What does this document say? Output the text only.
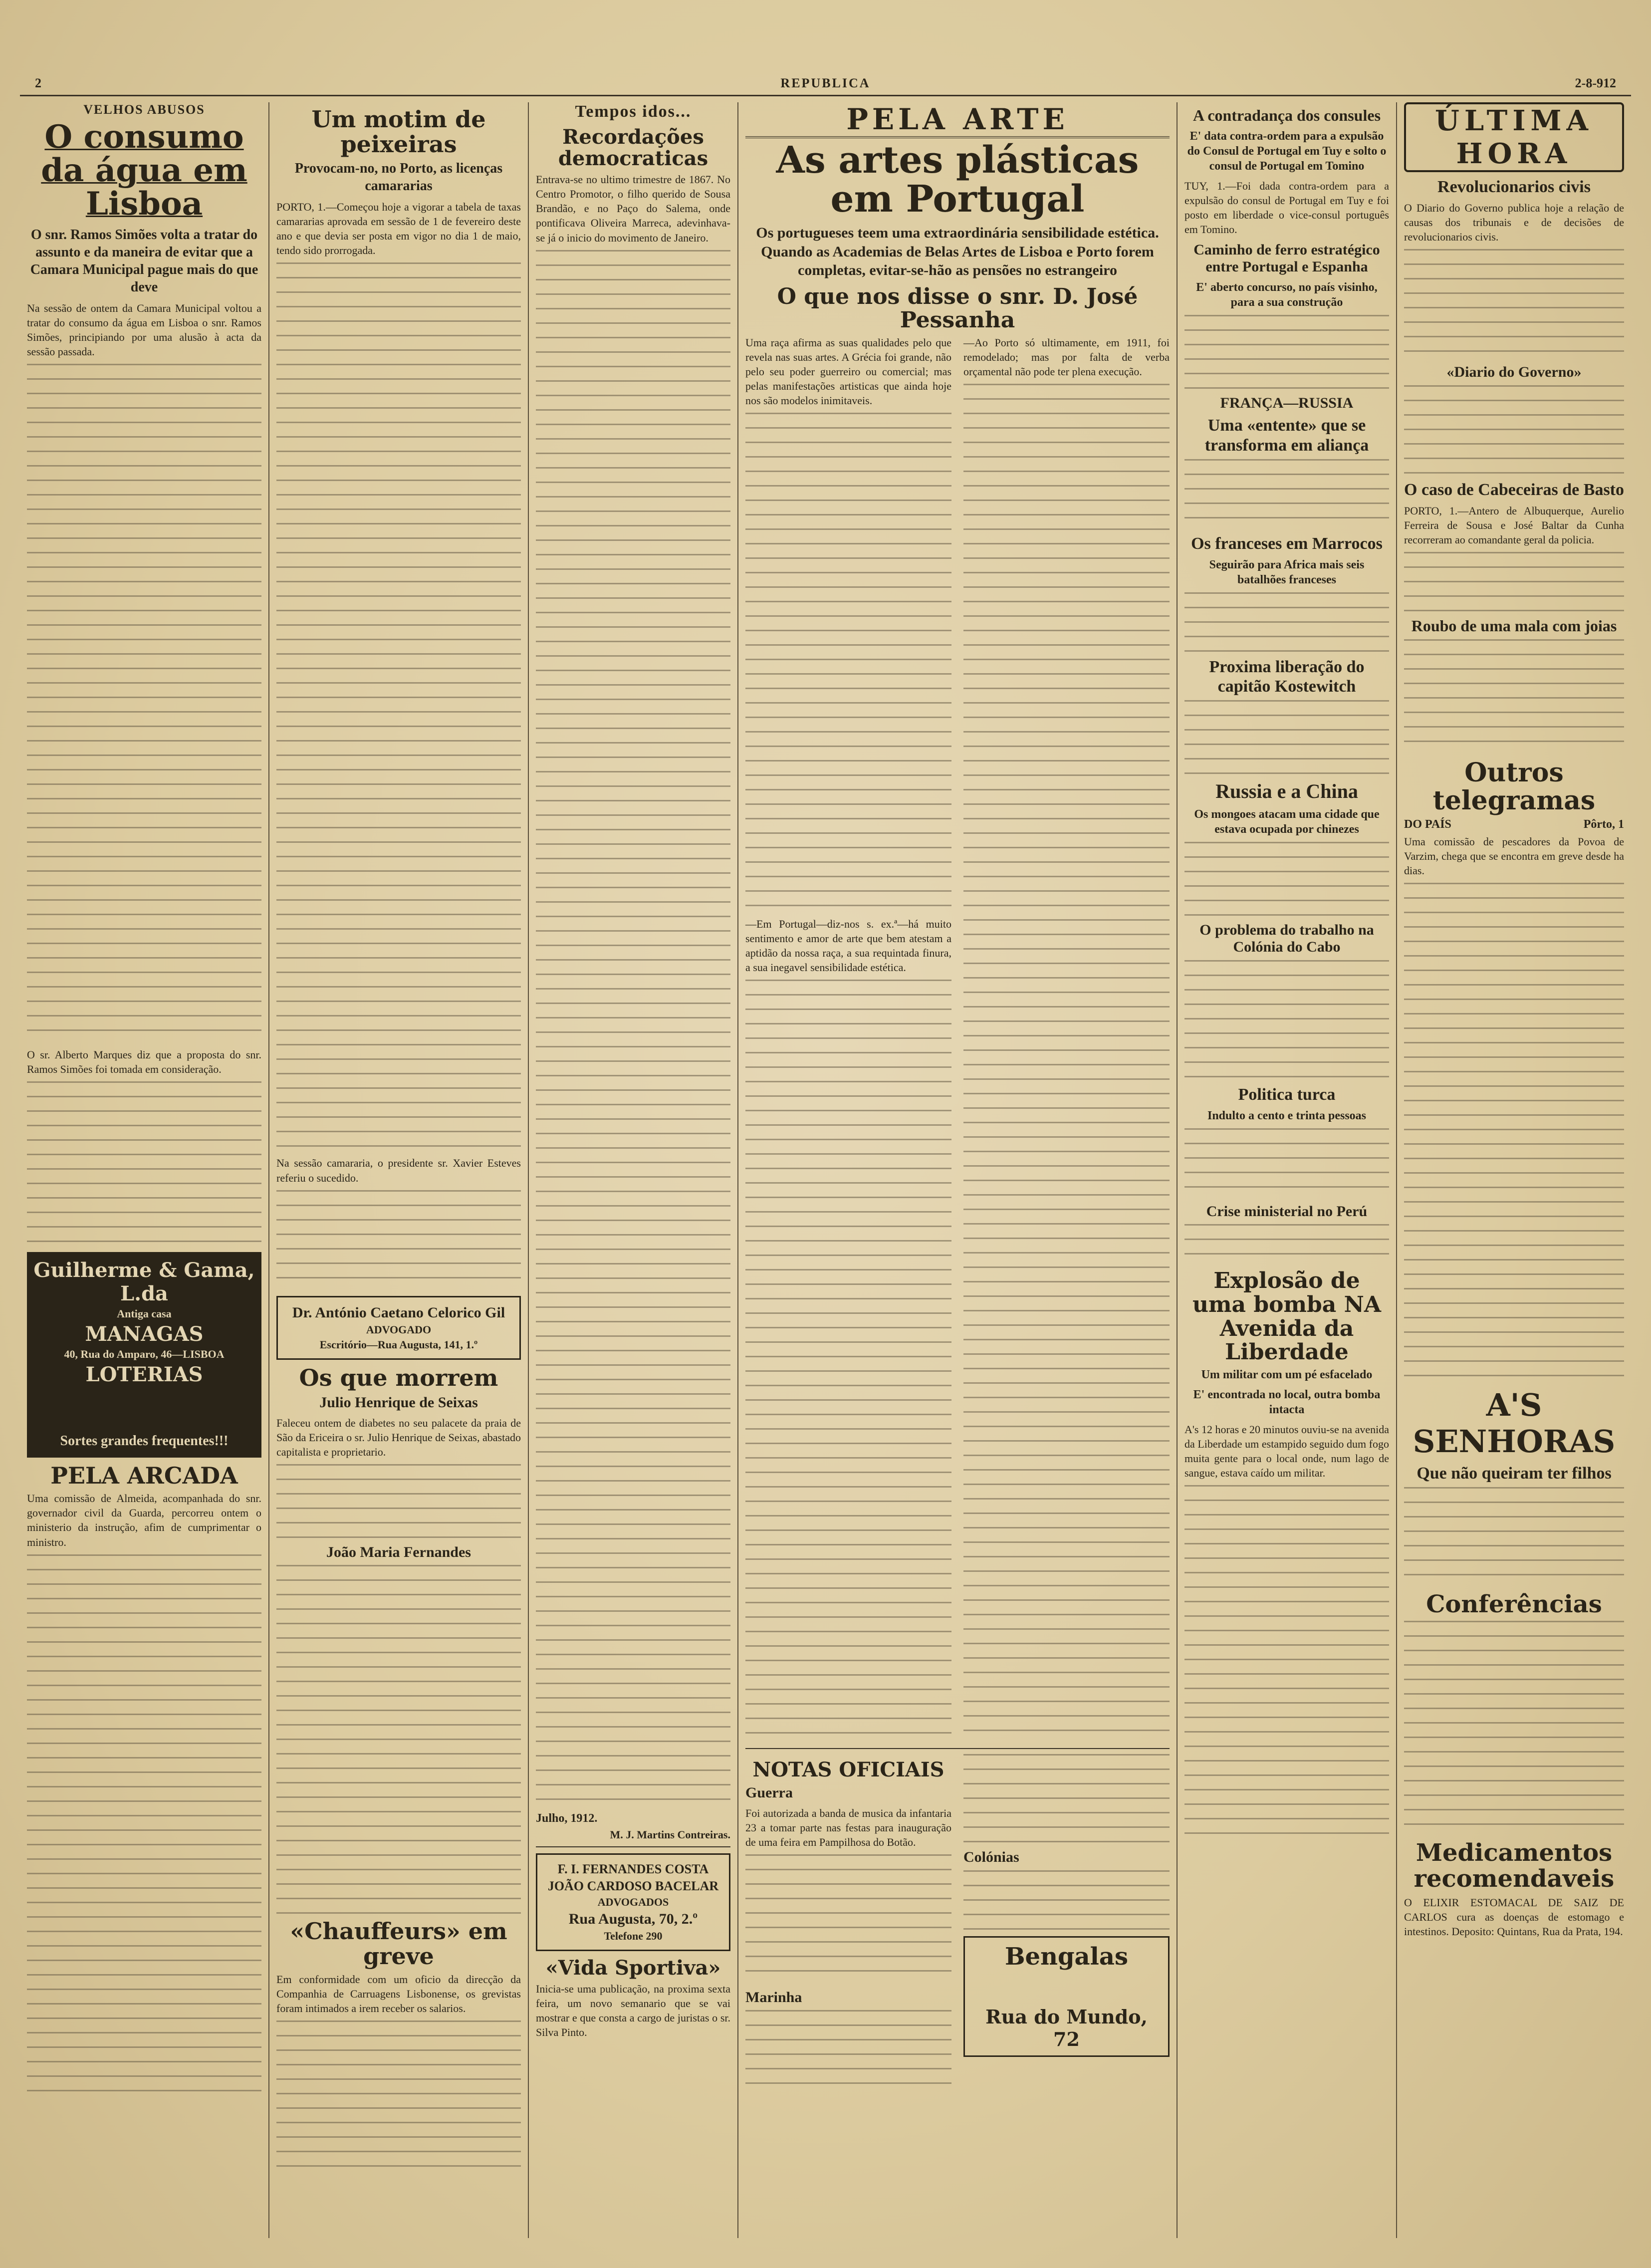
2	REPUBLICA	2-8-912
VELHOS ABUSOS
O consumo da água em Lisboa
O snr. Ramos Simões volta a tratar do assunto e da maneira de evitar que a Camara Municipal pague mais do que deve

Na sessão de ontem da Camara Municipal voltou a tratar do consumo da água em Lisboa o snr. Ramos Simões, principiando por uma alusão à acta da sessão passada.

O sr. Alberto Marques diz que a proposta do snr. Ramos Simões foi tomada em consideração.

Guilherme & Gama, L.da
Antiga casa
MANAGAS
40, Rua do Amparo, 46—LISBOA
LOTERIAS
Sortes grandes frequentes!!!
PELA ARCADA

Uma comissão de Almeida, acompanhada do snr. governador civil da Guarda, percorreu ontem o ministerio da instrução, afim de cumprimentar o ministro.

Um motim de peixeiras
Provocam-no, no Porto, as licenças camararias

PORTO, 1.—Começou hoje a vigorar a tabela de taxas camararias aprovada em sessão de 1 de fevereiro deste ano e que devia ser posta em vigor no dia 1 de maio, tendo sido prorrogada.

Na sessão camararia, o presidente sr. Xavier Esteves referiu o sucedido.

Dr. António Caetano Celorico Gil
ADVOGADO
Escritório—Rua Augusta, 141, 1.º
Os que morrem
Julio Henrique de Seixas

Faleceu ontem de diabetes no seu palacete da praia de São da Ericeira o sr. Julio Henrique de Seixas, abastado capitalista e proprietario.

João Maria Fernandes

«Chauffeurs» em greve

Em conformidade com um oficio da direcção da Companhia de Carruagens Lisbonense, os grevistas foram intimados a irem receber os salarios.

Tempos idos...
Recordações democraticas

Entrava-se no ultimo trimestre de 1867. No Centro Promotor, o filho querido de Sousa Brandão, e no Paço do Salema, onde pontificava Oliveira Marreca, adevinhava-se já o inicio do movimento de Janeiro.

Julho, 1912.
M. J. Martins Contreiras.
F. I. FERNANDES COSTA
JOÃO CARDOSO BACELAR
ADVOGADOS
Rua Augusta, 70, 2.º
Telefone 290
«Vida Sportiva»

Inicia-se uma publicação, na proxima sexta feira, um novo semanario que se vai mostrar e que consta a cargo de juristas o sr. Silva Pinto.

PELA ARTE
As artes plásticas em Portugal
Os portugueses teem uma extraordinária sensibilidade estética. Quando as Academias de Belas Artes de Lisboa e Porto forem completas, evitar-se-hão as pensões no estrangeiro
O que nos disse o snr. D. José Pessanha

Uma raça afirma as suas qualidades pelo que revela nas suas artes. A Grécia foi grande, não pelo seu poder guerreiro ou comercial; mas pelas manifestações artisticas que ainda hoje nos são modelos inimitaveis.

—Em Portugal—diz-nos s. ex.ª—há muito sentimento e amor de arte que bem atestam a aptidão da nossa raça, a sua requintada finura, a sua inegavel sensibilidade estética.

—Ao Porto só ultimamente, em 1911, foi remodelado; mas por falta de verba orçamental não pode ter plena execução.

NOTAS OFICIAIS
Guerra

Foi autorizada a banda de musica da infantaria 23 a tomar parte nas festas para inauguração de uma feira em Pampilhosa do Botão.

Marinha

Colónias

Bengalas
Rua do Mundo, 72
A contradança dos consules
E' data contra-ordem para a expulsão do Consul de Portugal em Tuy e solto o consul de Portugal em Tomino

TUY, 1.—Foi dada contra-ordem para a expulsão do consul de Portugal em Tuy e foi posto em liberdade o vice-consul português em Tomino.

Caminho de ferro estratégico entre Portugal e Espanha
E' aberto concurso, no país visinho, para a sua construção

FRANÇA—RUSSIA
Uma «entente» que se transforma em aliança

Os franceses em Marrocos
Seguirão para Africa mais seis batalhões franceses

Proxima liberação do capitão Kostewitch

Russia e a China
Os mongoes atacam uma cidade que estava ocupada por chinezes

O problema do trabalho na Colónia do Cabo

Politica turca
Indulto a cento e trinta pessoas

Crise ministerial no Perú

Explosão de uma bomba NA Avenida da Liberdade
Um militar com um pé esfacelado
E' encontrada no local, outra bomba intacta

A's 12 horas e 20 minutos ouviu-se na avenida da Liberdade um estampido seguido dum fogo muita gente para o local onde, num lago de sangue, estava caído um militar.

ÚLTIMA HORA
Revolucionarios civis

O Diario do Governo publica hoje a relação de causas dos tribunais e de decisões de revolucionarios civis.

«Diario do Governo»

O caso de Cabeceiras de Basto

PORTO, 1.—Antero de Albuquerque, Aurelio Ferreira de Sousa e José Baltar da Cunha recorreram ao comandante geral da policia.

Roubo de uma mala com joias

Outros telegramas
DO PAÍS	Pôrto, 1

Uma comissão de pescadores da Povoa de Varzim, chega que se encontra em greve desde ha dias.

A'S SENHORAS
Que não queiram ter filhos

Conferências

Medicamentos recomendaveis

O ELIXIR ESTOMACAL DE SAIZ DE CARLOS cura as doenças de estomago e intestinos. Deposito: Quintans, Rua da Prata, 194.
